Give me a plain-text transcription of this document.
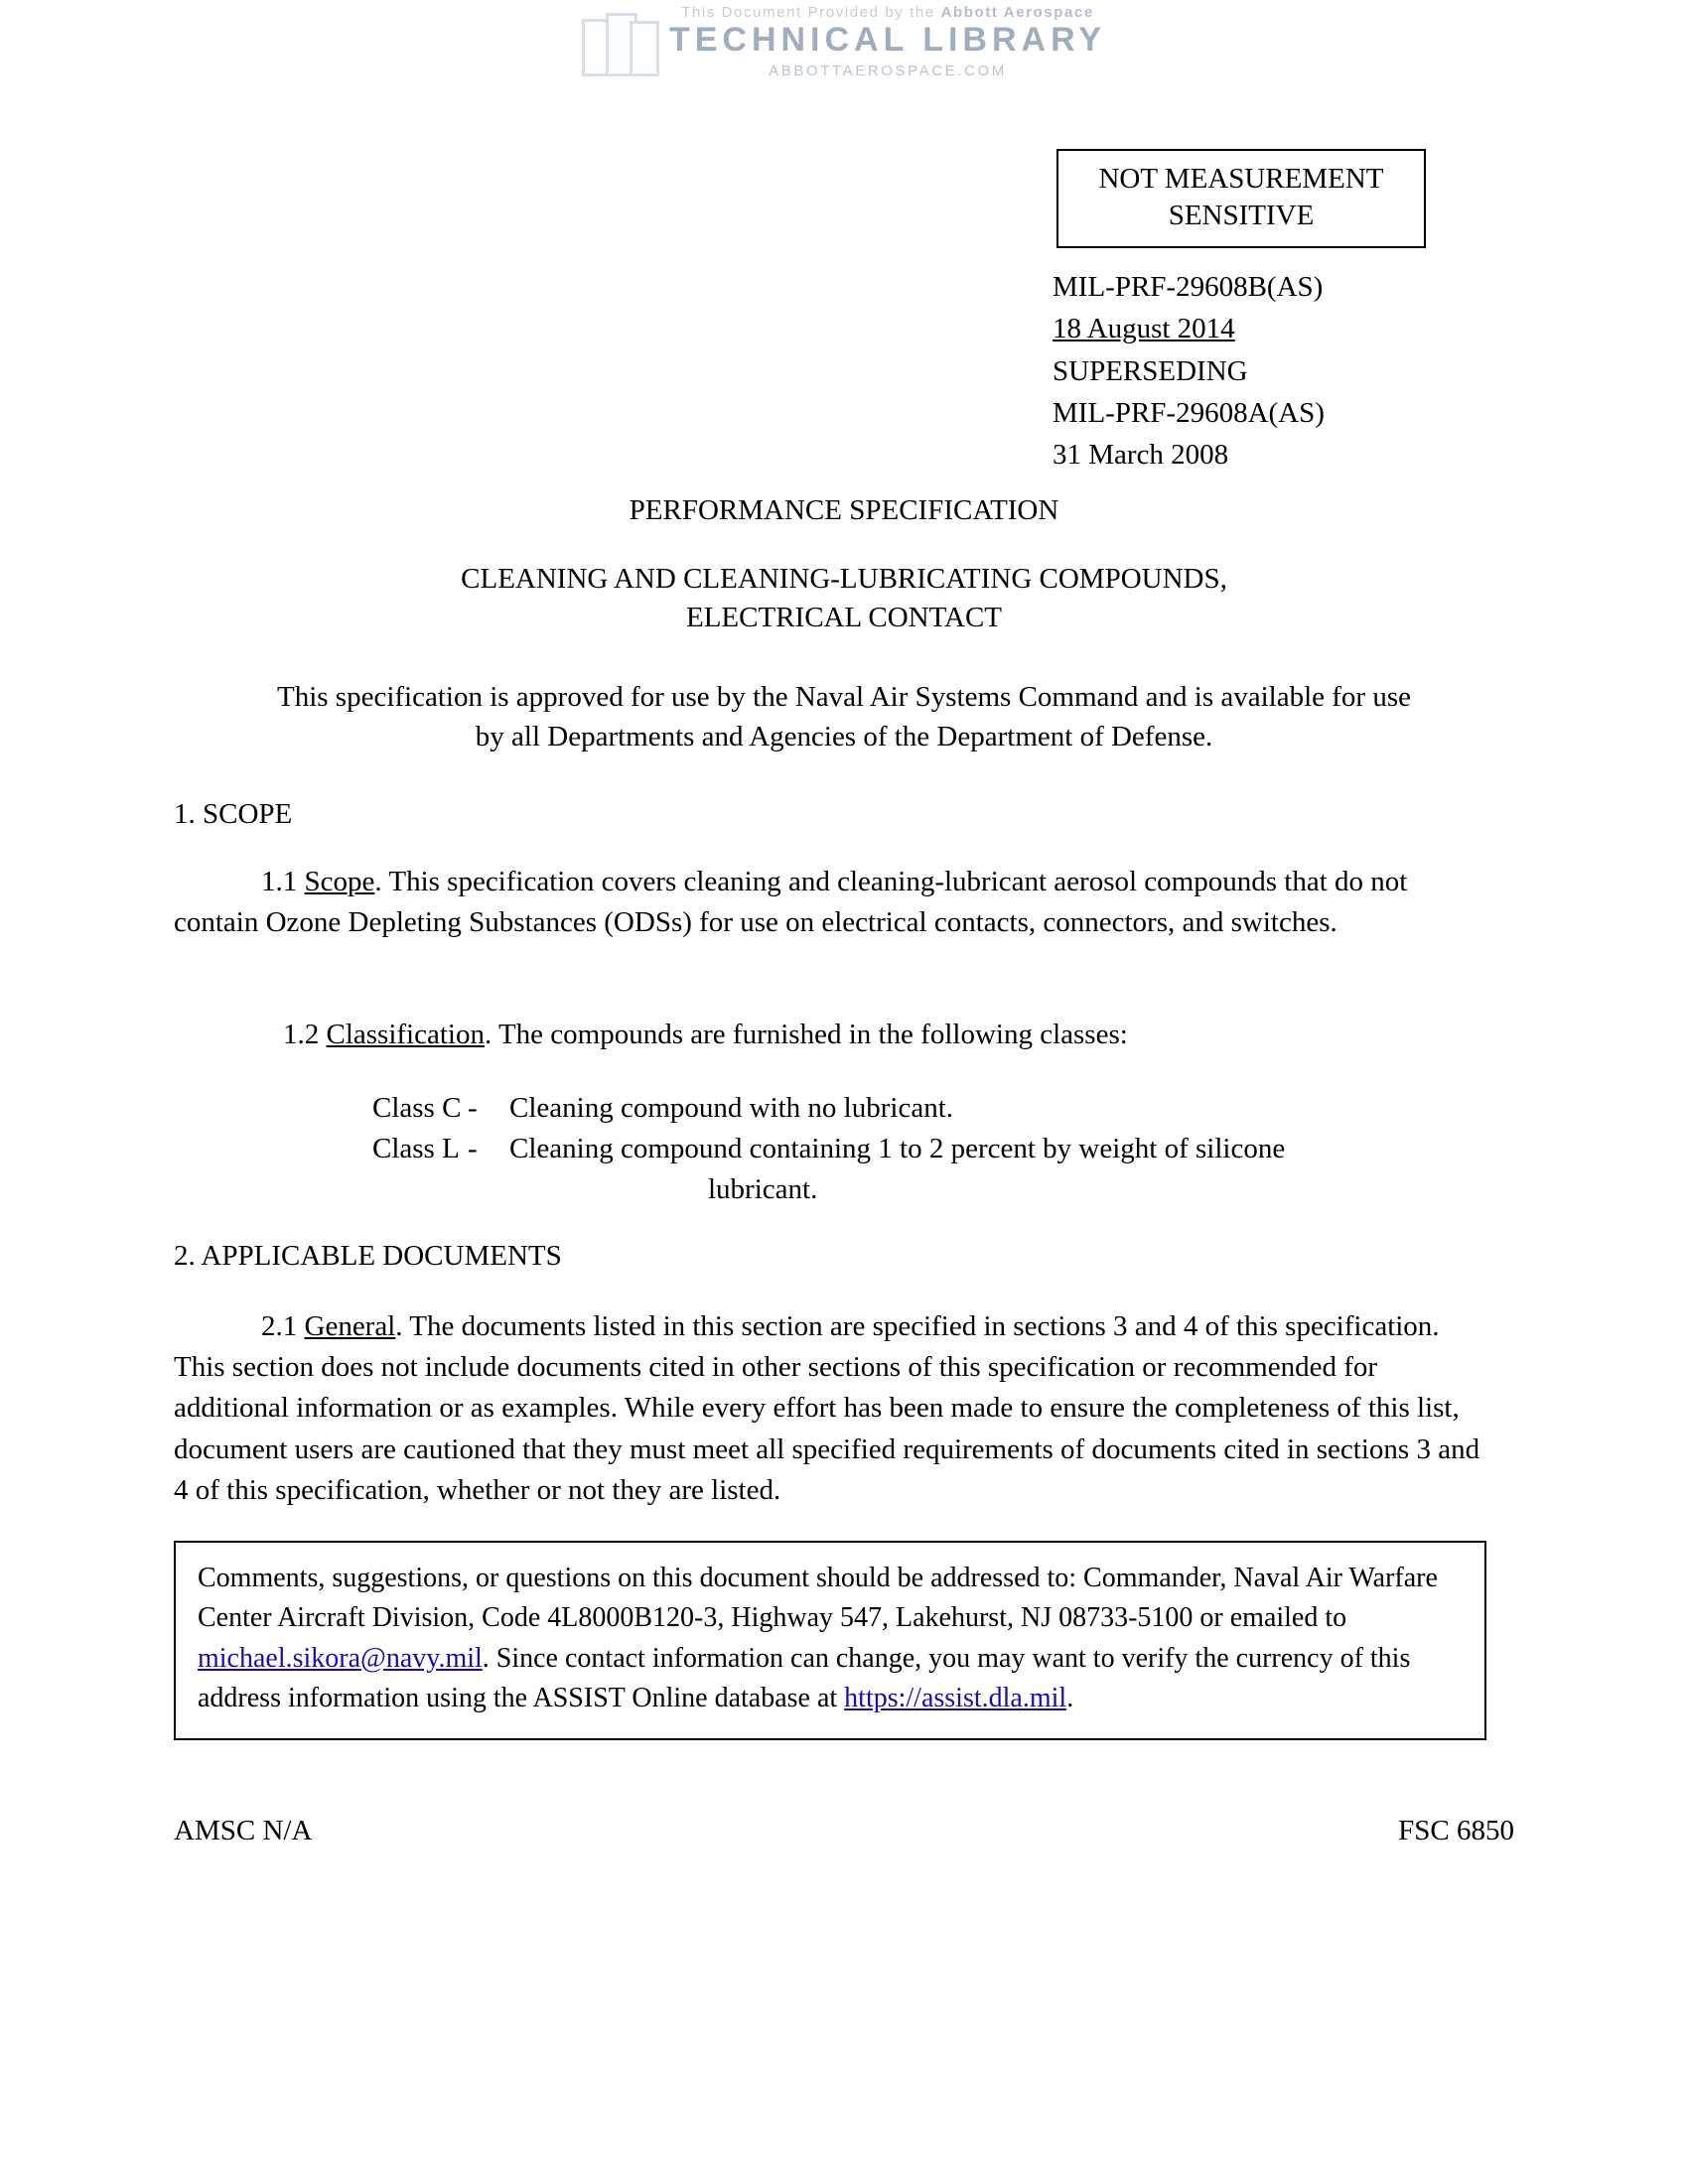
This Document Provided by the Abbott Aerospace
TECHNICAL LIBRARY
ABBOTTAEROSPACE.COM
NOT MEASUREMENT
SENSITIVE
MIL-PRF-29608B(AS)
18 August 2014
SUPERSEDING
MIL-PRF-29608A(AS)
31 March 2008
PERFORMANCE SPECIFICATION
CLEANING AND CLEANING-LUBRICATING COMPOUNDS,
ELECTRICAL CONTACT
This specification is approved for use by the Naval Air Systems Command and is available for use
by all Departments and Agencies of the Department of Defense.
1. SCOPE
1.1 Scope. This specification covers cleaning and cleaning-lubricant aerosol compounds that do not contain Ozone Depleting Substances (ODSs) for use on electrical contacts, connectors, and switches.
1.2 Classification. The compounds are furnished in the following classes:
Class C -	Cleaning compound with no lubricant.
Class L -	Cleaning compound containing 1 to 2 percent by weight of silicone
lubricant.
2. APPLICABLE DOCUMENTS
2.1 General. The documents listed in this section are specified in sections 3 and 4 of this specification. This section does not include documents cited in other sections of this specification or recommended for additional information or as examples. While every effort has been made to ensure the completeness of this list, document users are cautioned that they must meet all specified requirements of documents cited in sections 3 and 4 of this specification, whether or not they are listed.
Comments, suggestions, or questions on this document should be addressed to: Commander, Naval Air Warfare Center Aircraft Division, Code 4L8000B120-3, Highway 547, Lakehurst, NJ 08733-5100 or emailed to michael.sikora@navy.mil. Since contact information can change, you may want to verify the currency of this address information using the ASSIST Online database at https://assist.dla.mil.
AMSC N/A	FSC 6850
